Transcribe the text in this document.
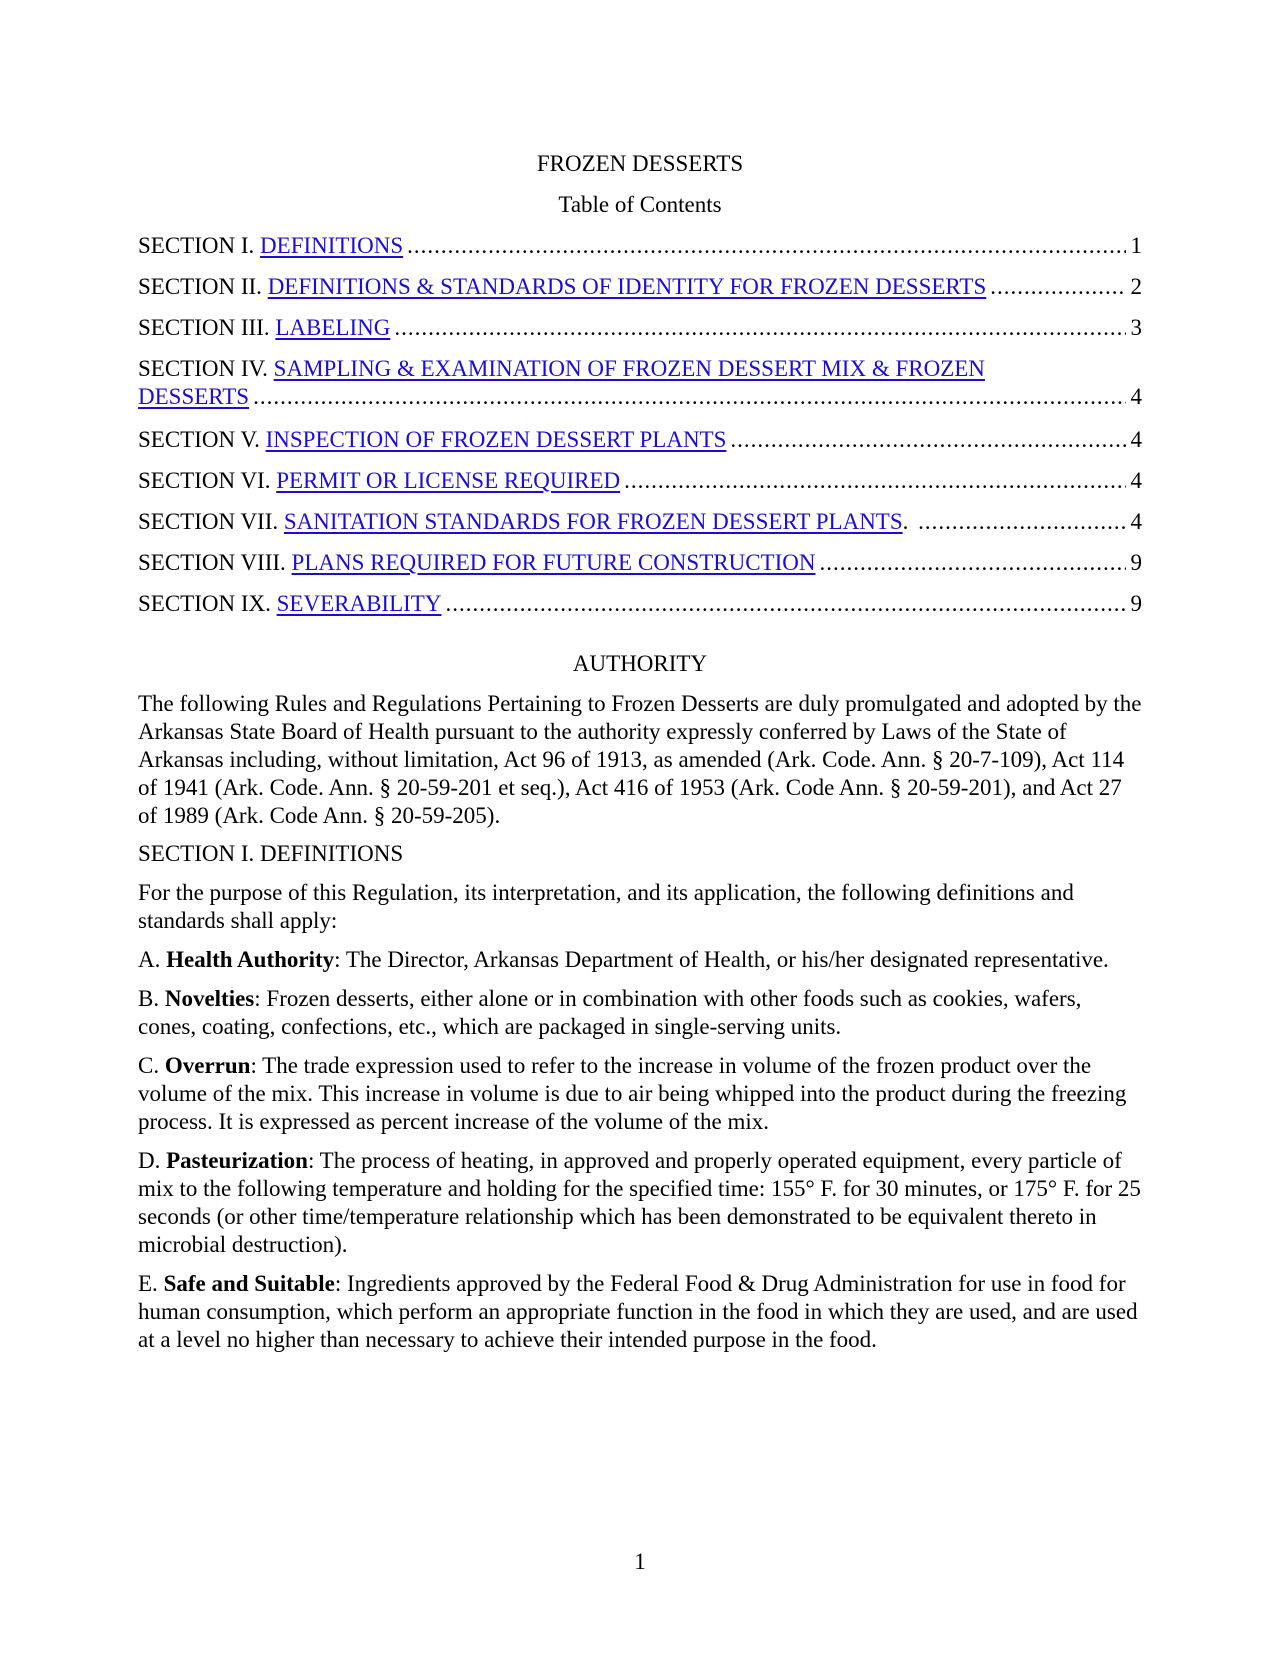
FROZEN DESSERTS
Table of Contents
SECTION I. DEFINITIONS .....	1
SECTION II. DEFINITIONS & STANDARDS OF IDENTITY FOR FROZEN DESSERTS .....	2
SECTION III. LABELING .....	3
SECTION IV. SAMPLING & EXAMINATION OF FROZEN DESSERT MIX & FROZEN
DESSERTS .....	4
SECTION V. INSPECTION OF FROZEN DESSERT PLANTS .....	4
SECTION VI. PERMIT OR LICENSE REQUIRED .....	4
SECTION VII. SANITATION STANDARDS FOR FROZEN DESSERT PLANTS . .....	4
SECTION VIII. PLANS REQUIRED FOR FUTURE CONSTRUCTION .....	9
SECTION IX. SEVERABILITY .....	9
AUTHORITY
The following Rules and Regulations Pertaining to Frozen Desserts are duly promulgated and adopted by the Arkansas State Board of Health pursuant to the authority expressly conferred by Laws of the State of Arkansas including, without limitation, Act 96 of 1913, as amended (Ark. Code. Ann. § 20-7-109), Act 114 of 1941 (Ark. Code. Ann. § 20-59-201 et seq.), Act 416 of 1953 (Ark. Code Ann. § 20-59-201), and Act 27 of 1989 (Ark. Code Ann. § 20-59-205).
SECTION I. DEFINITIONS

For the purpose of this Regulation, its interpretation, and its application, the following definitions and standards shall apply:

A. Health Authority: The Director, Arkansas Department of Health, or his/her designated representative.

B. Novelties: Frozen desserts, either alone or in combination with other foods such as cookies, wafers, cones, coating, confections, etc., which are packaged in single-serving units.

C. Overrun: The trade expression used to refer to the increase in volume of the frozen product over the volume of the mix. This increase in volume is due to air being whipped into the product during the freezing process. It is expressed as percent increase of the volume of the mix.

D. Pasteurization: The process of heating, in approved and properly operated equipment, every particle of mix to the following temperature and holding for the specified time: 155° F. for 30 minutes, or 175° F. for 25 seconds (or other time/temperature relationship which has been demonstrated to be equivalent thereto in microbial destruction).

E. Safe and Suitable: Ingredients approved by the Federal Food & Drug Administration for use in food for human consumption, which perform an appropriate function in the food in which they are used, and are used at a level no higher than necessary to achieve their intended purpose in the food.

1
